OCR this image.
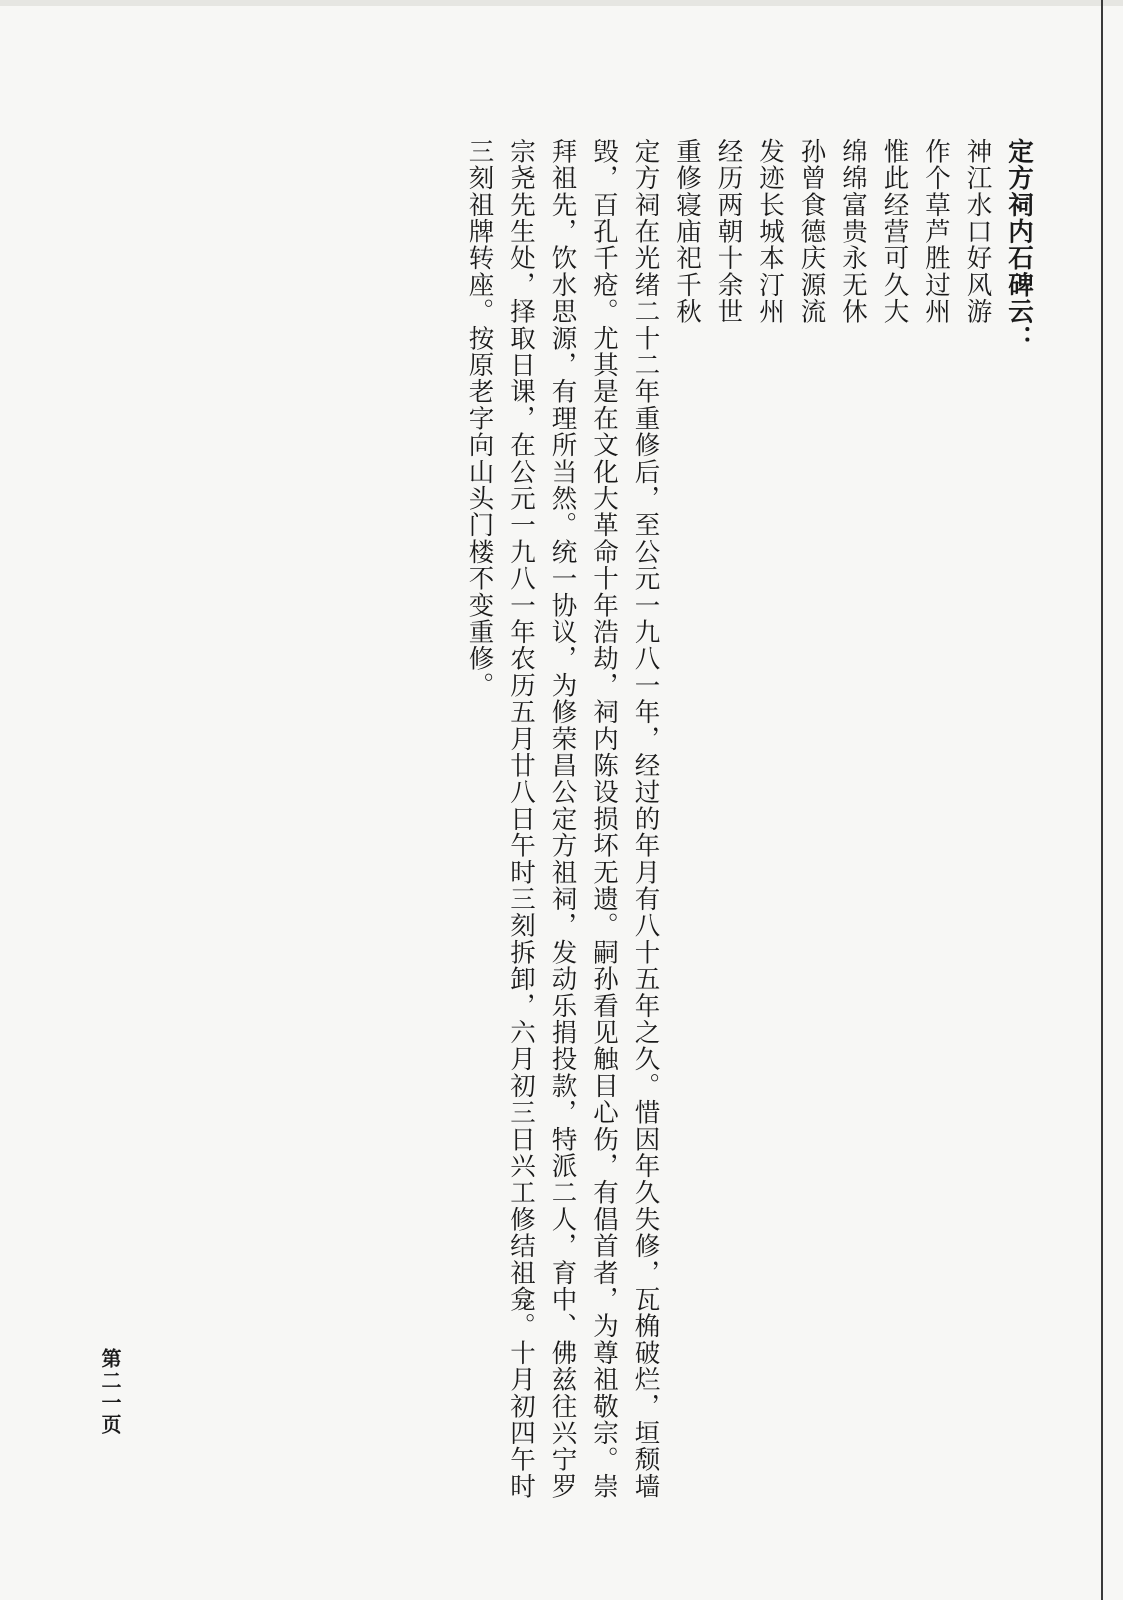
定方祠内石碑云：
神江水口好风游
作个草芦胜过州
惟此经营可久大
绵绵富贵永无休
孙曾食德庆源流
发迹长城本汀州
经历两朝十余世
重修寝庙祀千秋
定方祠在光绪二十二年重修后，至公元一九八一年，经过的年月有八十五年之久。惜因年久失修，瓦桷破烂，垣颓墙
毁，百孔千疮。尤其是在文化大革命十年浩劫，祠内陈设损坏无遗。嗣孙看见触目心伤，有倡首者，为尊祖敬宗。崇
拜祖先，饮水思源，有理所当然。统一协议，为修荣昌公定方祖祠，发动乐捐投款，特派二人，育中、佛兹往兴宁罗
宗尧先生处，择取日课，在公元一九八一年农历五月廿八日午时三刻拆卸，六月初三日兴工修结祖龛。十月初四午时
三刻祖牌转座。按原老字向山头门楼不变重修。
第二一页
